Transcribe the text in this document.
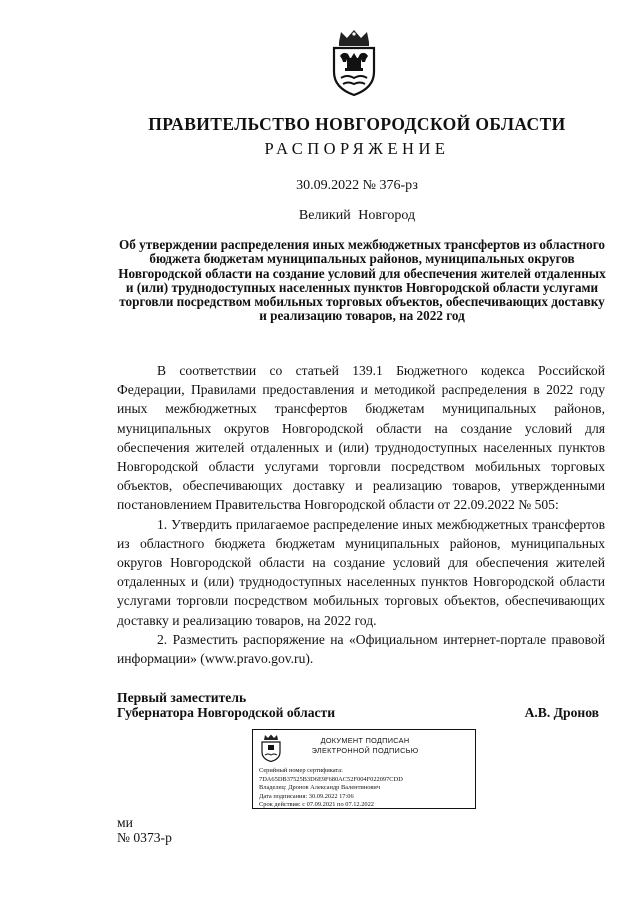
ПРАВИТЕЛЬСТВО НОВГОРОДСКОЙ ОБЛАСТИ
РАСПОРЯЖЕНИЕ
30.09.2022 № 376-рз
Великий Новгород
Об утверждении распределения иных межбюджетных трансфертов из областного бюджета бюджетам муниципальных районов, муниципальных округов Новгородской области на создание условий для обеспечения жителей отдаленных и (или) труднодоступных населенных пунктов Новгородской области услугами торговли посредством мобильных торговых объектов, обеспечивающих доставку и реализацию товаров, на 2022 год

В соответствии со статьей 139.1 Бюджетного кодекса Российской Федерации, Правилами предоставления и методикой распределения в 2022 году иных межбюджетных трансфертов бюджетам муниципальных районов, муниципальных округов Новгородской области на создание условий для обеспечения жителей отдаленных и (или) труднодоступных населенных пунктов Новгородской области услугами торговли посредством мобильных торговых объектов, обеспечивающих доставку и реализацию товаров, утвержденными постановлением Правительства Новгородской области от 22.09.2022 № 505:

1. Утвердить прилагаемое распределение иных межбюджетных трансфертов из областного бюджета бюджетам муниципальных районов, муниципальных округов Новгородской области на создание условий для обеспечения жителей отдаленных и (или) труднодоступных населенных пунктов Новгородской области услугами торговли посредством мобильных торговых объектов, обеспечивающих доставку и реализацию товаров, на 2022 год.

2. Разместить распоряжение на «Официальном интернет-портале правовой информации» (www.pravo.gov.ru).

Первый заместитель
Губернатора Новгородской области	А.В. Дронов
ДОКУМЕНТ ПОДПИСАН
ЭЛЕКТРОННОЙ ПОДПИСЬЮ
Серийный номер сертификата:
7DA65DB37525B3D6E9F680AC52F004F022097CDD
Владелец: Дронов Александр Валентинович
Дата подписания: 30.09.2022 17:06
Срок действия: с 07.09.2021 по 07.12.2022
ми
№ 0373-р
